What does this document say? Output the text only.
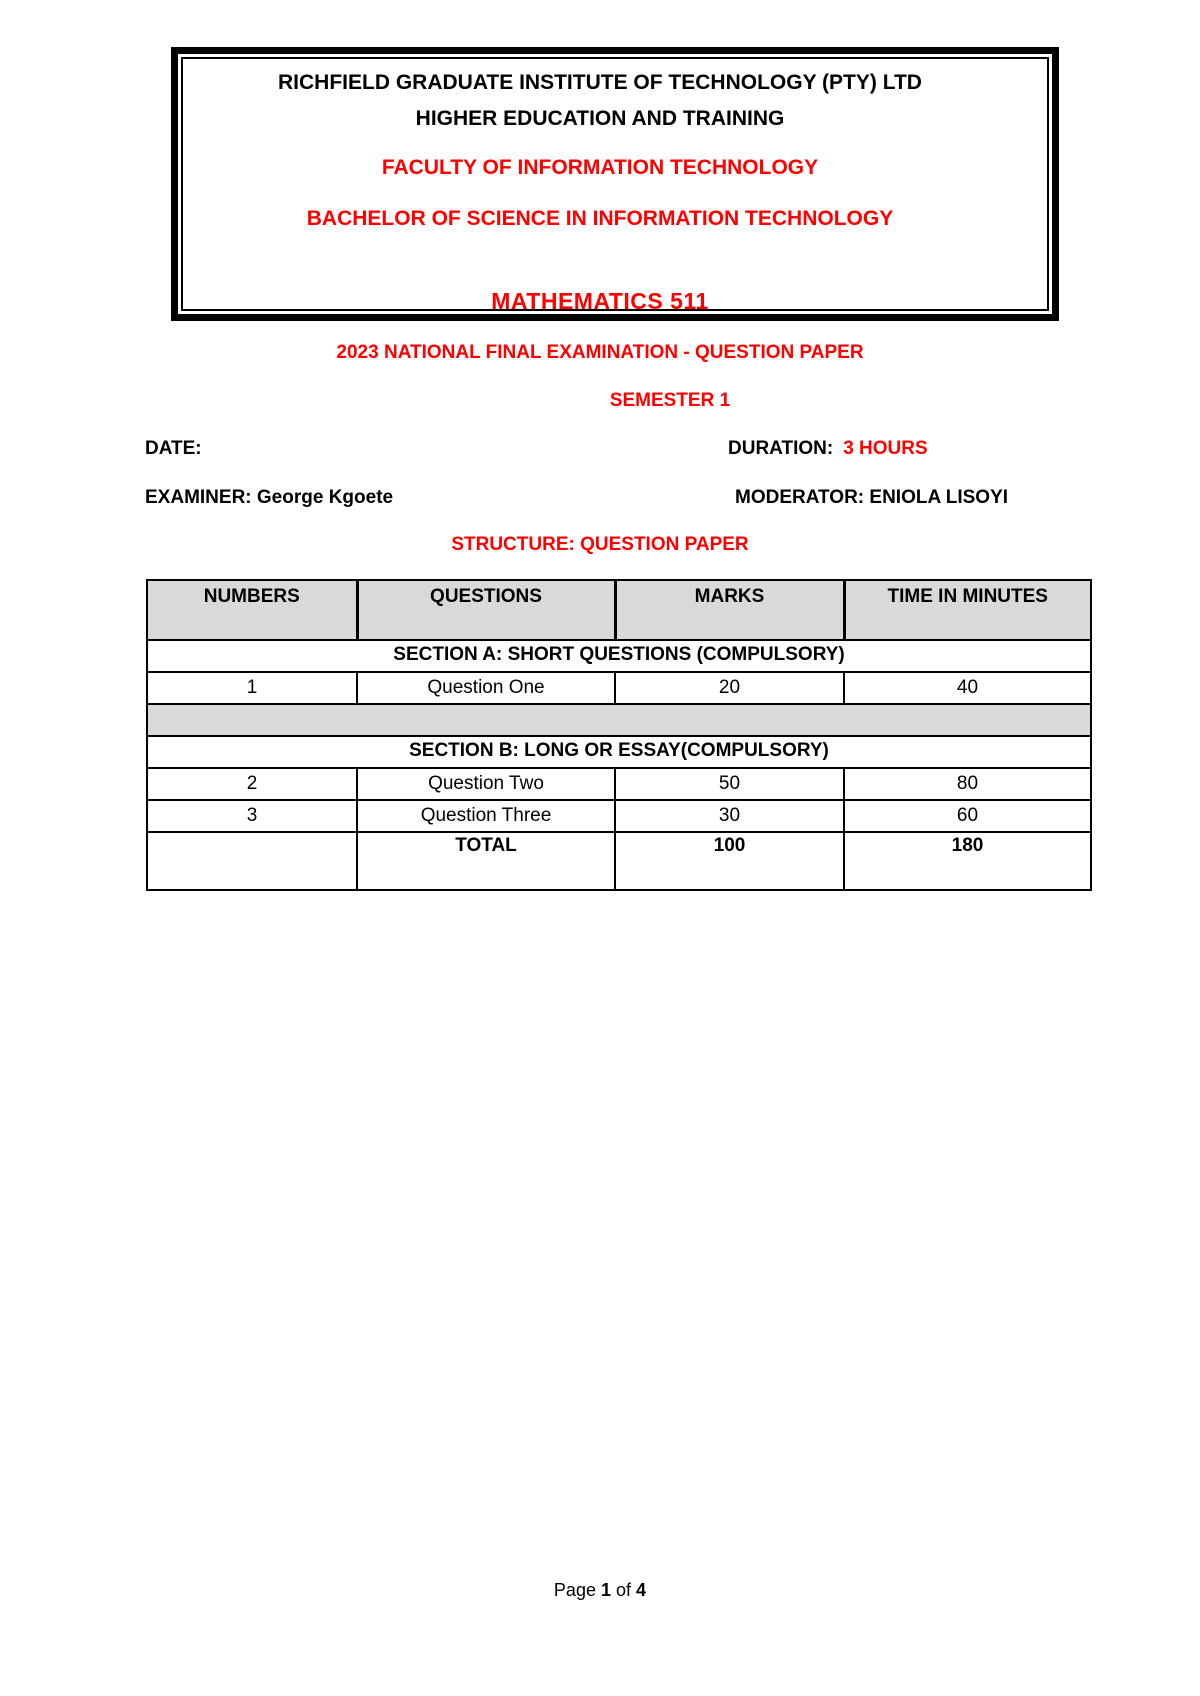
RICHFIELD GRADUATE INSTITUTE OF TECHNOLOGY (PTY) LTD
HIGHER EDUCATION AND TRAINING
FACULTY OF INFORMATION TECHNOLOGY
BACHELOR OF SCIENCE IN INFORMATION TECHNOLOGY
MATHEMATICS 511
2023 NATIONAL FINAL EXAMINATION - QUESTION PAPER
SEMESTER 1
DATE:	DURATION: 3 HOURS
EXAMINER: George Kgoete	MODERATOR: ENIOLA LISOYI
STRUCTURE: QUESTION PAPER
NUMBERS	QUESTIONS	MARKS	TIME IN MINUTES
SECTION A: SHORT QUESTIONS (COMPULSORY)			
1	Question One	20	40

SECTION B: LONG OR ESSAY(COMPULSORY)			
2	Question Two	50	80
3	Question Three	30	60
	TOTAL	100	180
Page 1 of 4
